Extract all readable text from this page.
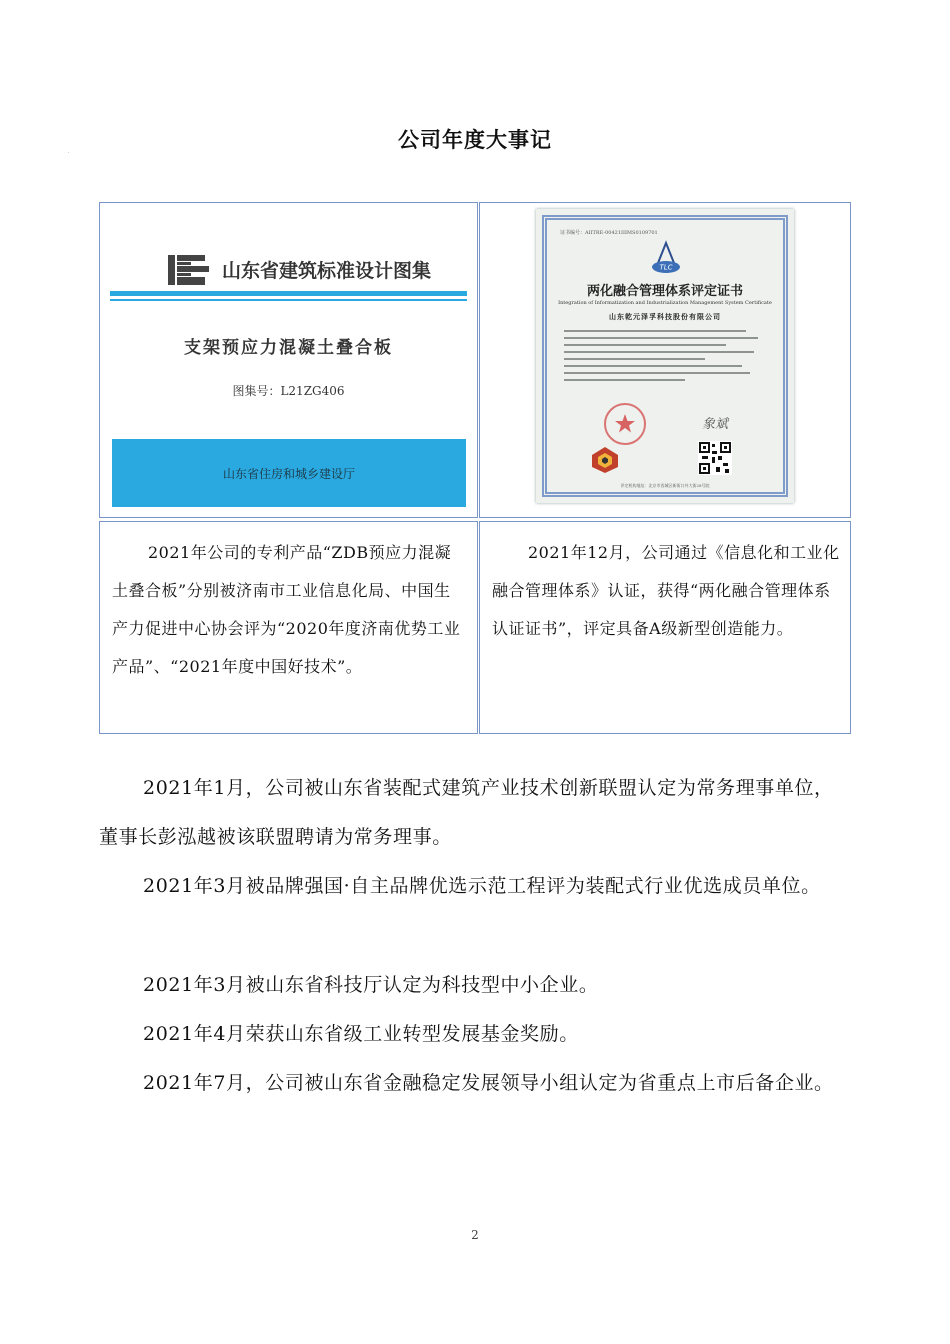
公司年度大事记
IB
山东省建筑标准设计图集
支架预应力混凝土叠合板
图集号：L21ZG406
山东省住房和城乡建设厅
证书编号：AIITRE-00421IIIMS0109701
TLC
两化融合管理体系评定证书
Integration of Informatization and Industrialization Management System Certificate
山东乾元泽孚科技股份有限公司
象斌
评定机构地址：北京市西城区新街口外大街28号院
2021年公司的专利产品“ZDB预应力混凝土叠合板”分别被济南市工业信息化局、中国生产力促进中心协会评为“2020年度济南优势工业产品”、“2021年度中国好技术”。
2021年12月，公司通过《信息化和工业化融合管理体系》认证，获得“两化融合管理体系认证证书”，评定具备A级新型创造能力。
2021年1月，公司被山东省装配式建筑产业技术创新联盟认定为常务理事单位，董事长彭泓越被该联盟聘请为常务理事。
2021年3月被品牌强国·自主品牌优选示范工程评为装配式行业优选成员单位。
2021年3月被山东省科技厅认定为科技型中小企业。
2021年4月荣获山东省级工业转型发展基金奖励。
2021年7月，公司被山东省金融稳定发展领导小组认定为省重点上市后备企业。
2
